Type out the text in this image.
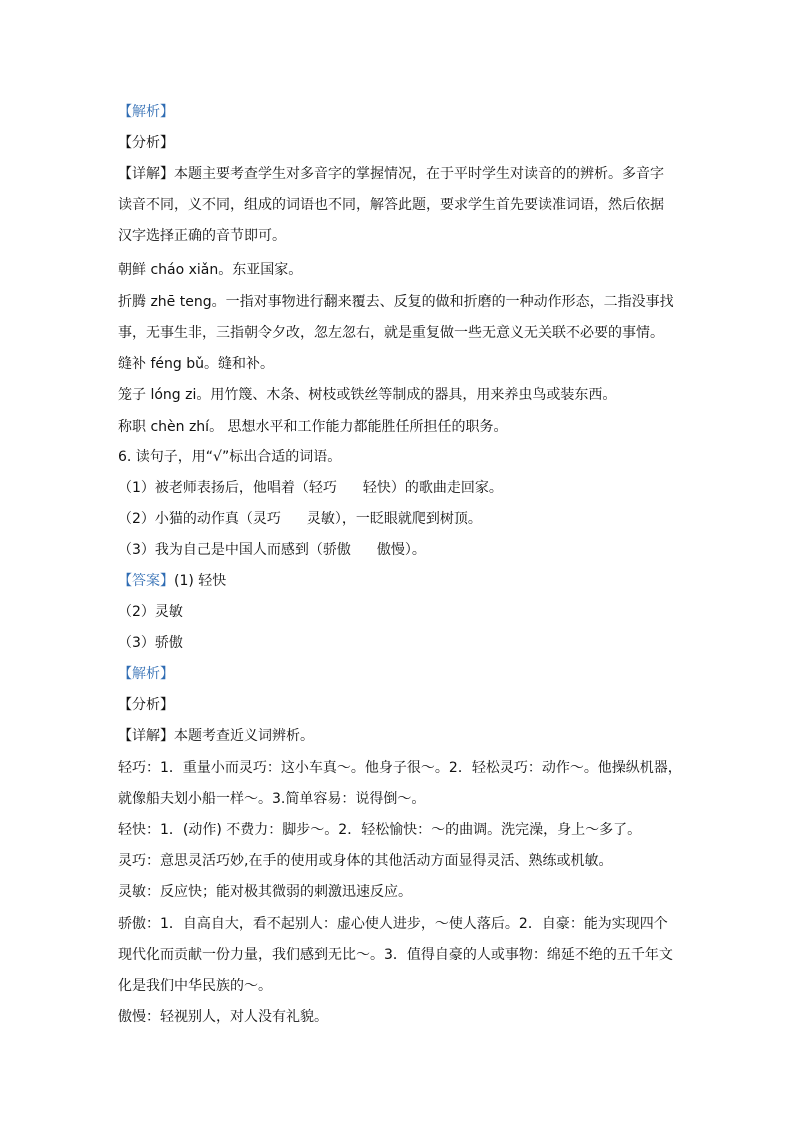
【解析】
【分析】
【详解】本题主要考查学生对多音字的掌握情况，在于平时学生对读音的的辨析。多音字
读音不同，义不同，组成的词语也不同，解答此题，要求学生首先要读准词语，然后依据
汉字选择正确的音节即可。
朝鲜 cháo xiǎn。东亚国家。
折腾 zhē teng。一指对事物进行翻来覆去、反复的做和折磨的一种动作形态，二指没事找
事，无事生非，三指朝令夕改，忽左忽右，就是重复做一些无意义无关联不必要的事情。
缝补 féng bǔ。缝和补。
笼子 lóng zi。用竹篾、木条、树枝或铁丝等制成的器具，用来养虫鸟或装东西。
称职 chèn zhí。 思想水平和工作能力都能胜任所担任的职务。
6. 读句子，用“√”标出合适的词语。
（1）被老师表扬后，他唱着（轻巧 轻快）的歌曲走回家。
（2）小猫的动作真（灵巧 灵敏），一眨眼就爬到树顶。
（3）我为自己是中国人而感到（骄傲 傲慢）。
【答案】(1) 轻快
（2）灵敏
（3）骄傲
【解析】
【分析】
【详解】本题考查近义词辨析。
轻巧：1．重量小而灵巧：这小车真～。他身子很～。2．轻松灵巧：动作～。他操纵机器，
就像船夫划小船一样～。3.简单容易：说得倒～。
轻快：1．(动作) 不费力：脚步～。2．轻松愉快：～的曲调。洗完澡，身上～多了。
灵巧：意思灵活巧妙,在手的使用或身体的其他活动方面显得灵活、熟练或机敏。
灵敏：反应快；能对极其微弱的刺激迅速反应。
骄傲：1．自高自大，看不起别人：虚心使人进步，～使人落后。2．自豪：能为实现四个
现代化而贡献一份力量，我们感到无比～。3．值得自豪的人或事物：绵延不绝的五千年文
化是我们中华民族的～。
傲慢：轻视别人，对人没有礼貌。
